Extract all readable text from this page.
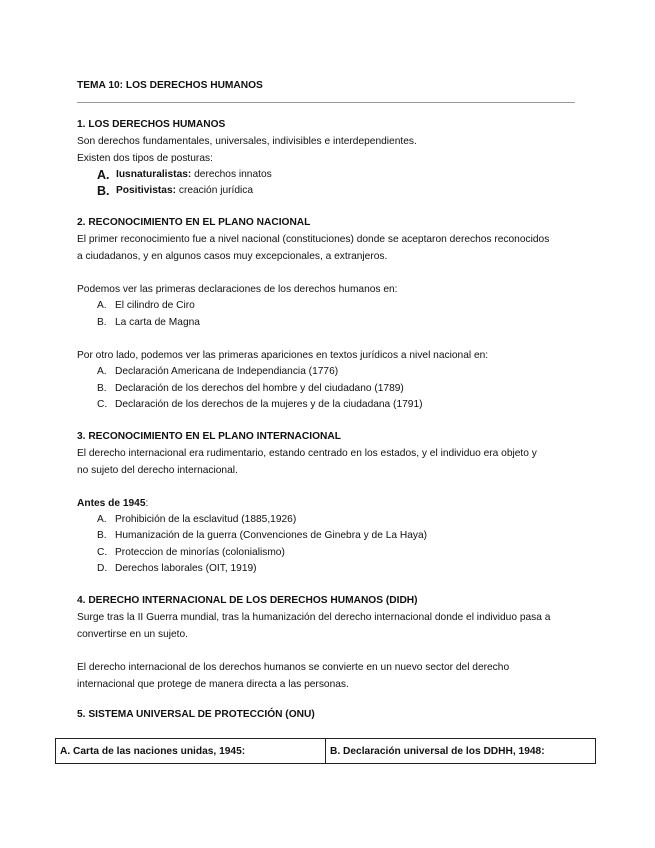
TEMA 10: LOS DERECHOS HUMANOS

1. LOS DERECHOS HUMANOS

Son derechos fundamentales, universales, indivisibles e interdependientes.

Existen dos tipos de posturas:

A. Iusnaturalistas: derechos innatos
B. Positivistas: creación jurídica

2. RECONOCIMIENTO EN EL PLANO NACIONAL

El primer reconocimiento fue a nivel nacional (constituciones) donde se aceptaron derechos reconocidos

a ciudadanos, y en algunos casos muy excepcionales, a extranjeros.

Podemos ver las primeras declaraciones de los derechos humanos en:

A. El cilindro de Ciro
B. La carta de Magna

Por otro lado, podemos ver las primeras apariciones en textos jurídicos a nivel nacional en:

A. Declaración Americana de Independiancia (1776)
B. Declaración de los derechos del hombre y del ciudadano (1789)
C. Declaración de los derechos de la mujeres y de la ciudadana (1791)

3. RECONOCIMIENTO EN EL PLANO INTERNACIONAL

El derecho internacional era rudimentario, estando centrado en los estados, y el individuo era objeto y

no sujeto del derecho internacional.

Antes de 1945:

A. Prohibición de la esclavitud (1885,1926)
B. Humanización de la guerra (Convenciones de Ginebra y de La Haya)
C. Proteccion de minorías (colonialismo)
D. Derechos laborales (OIT, 1919)

4. DERECHO INTERNACIONAL DE LOS DERECHOS HUMANOS (DIDH)

Surge tras la II Guerra mundial, tras la humanización del derecho internacional donde el individuo pasa a

convertirse en un sujeto.

El derecho internacional de los derechos humanos se convierte en un nuevo sector del derecho

internacional que protege de manera directa a las personas.

5. SISTEMA UNIVERSAL DE PROTECCIÓN (ONU)

A. Carta de las naciones unidas, 1945:	B. Declaración universal de los DDHH, 1948:
